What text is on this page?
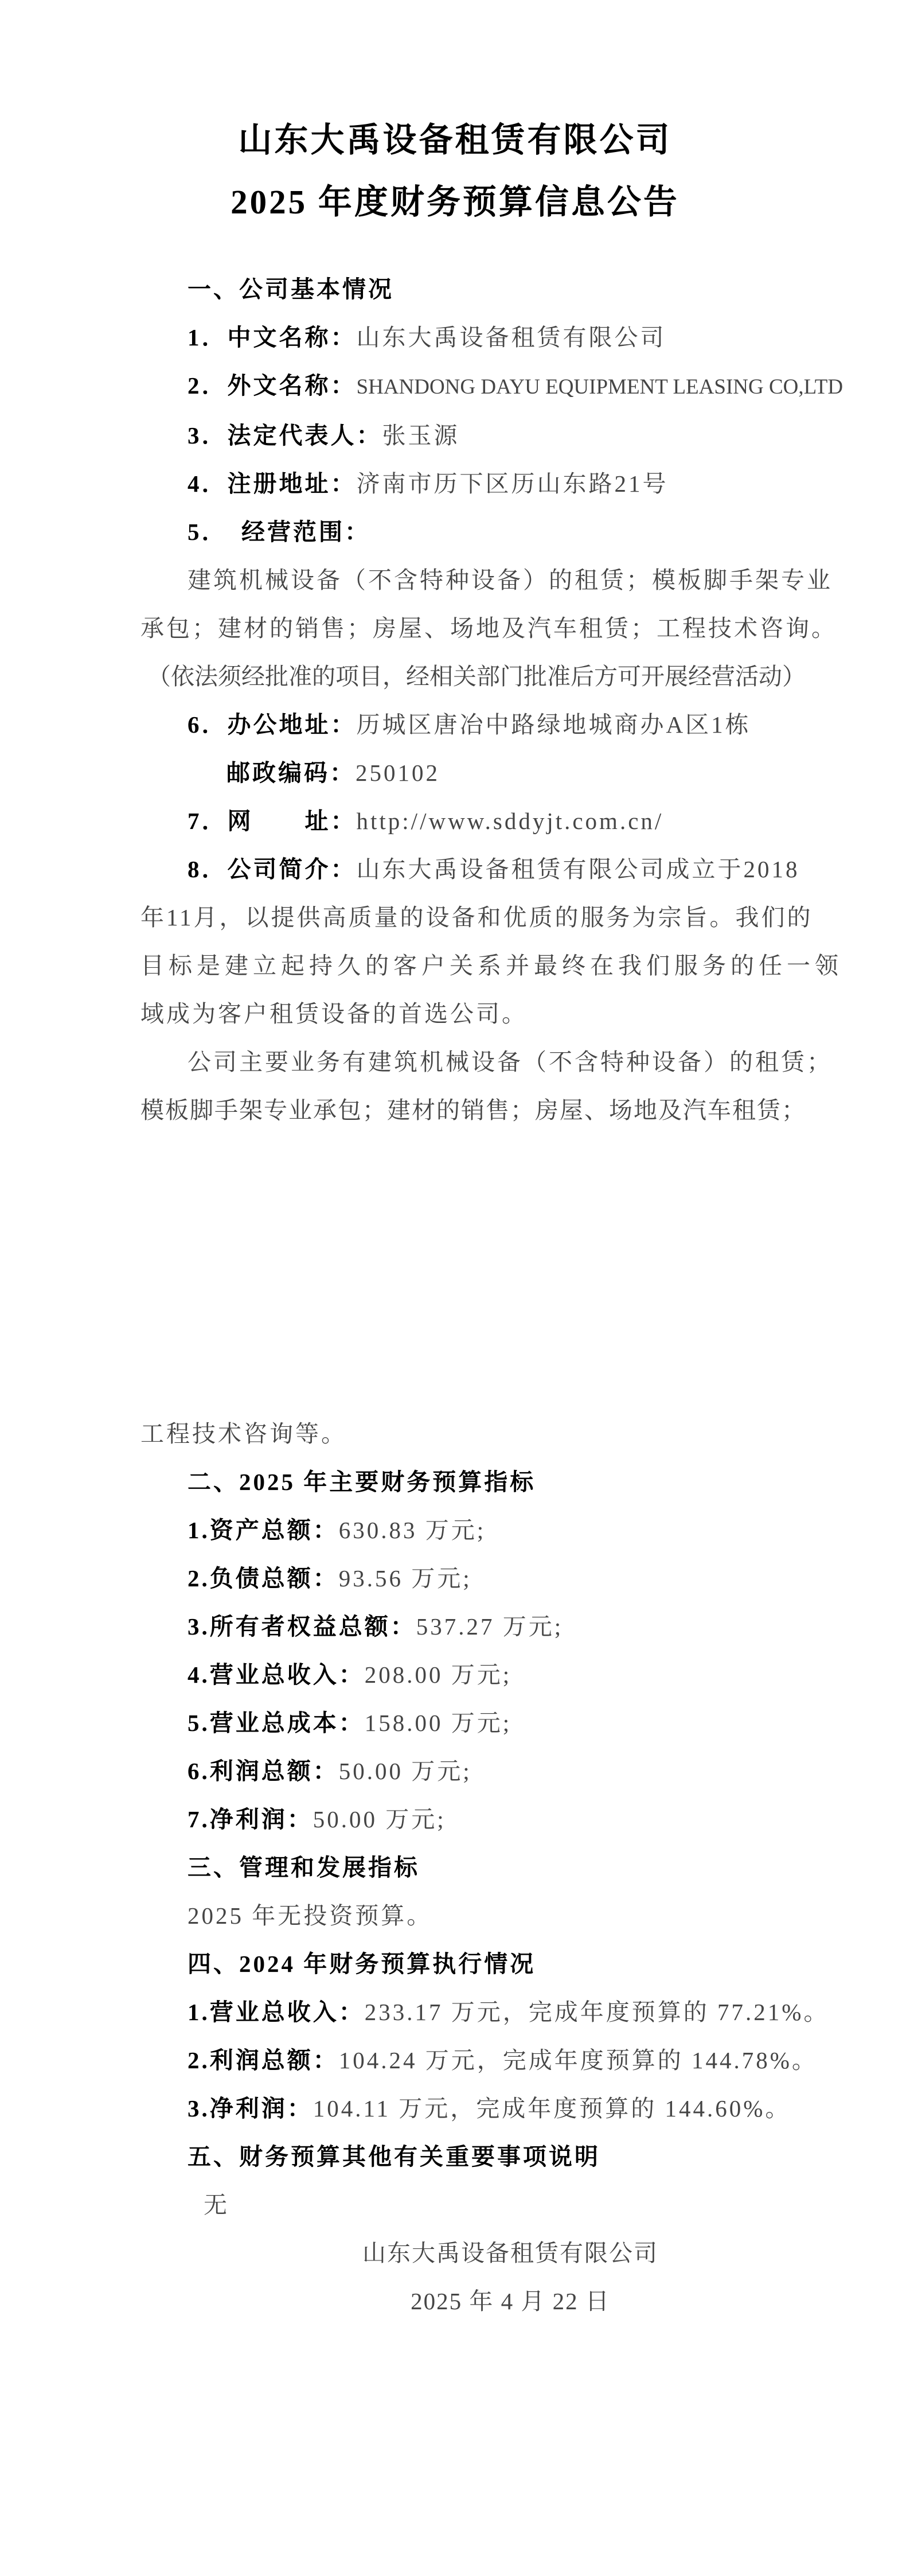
山东大禹设备租赁有限公司
2025 年度财务预算信息公告
一、公司基本情况
1．中文名称：山东大禹设备租赁有限公司
2．外文名称：SHANDONG DAYU EQUIPMENT LEASING CO,LTD
3．法定代表人：张玉源
4．注册地址：济南市历下区历山东路21号
5．　经营范围：
建筑机械设备（不含特种设备）的租赁；模板脚手架专业
承包；建材的销售；房屋、场地及汽车租赁；工程技术咨询。
（依法须经批准的项目，经相关部门批准后方可开展经营活动）
6．办公地址：历城区唐冶中路绿地城商办A区1栋
邮政编码：250102
7．网　　址：http://www.sddyjt.com.cn/
8．公司简介：山东大禹设备租赁有限公司成立于2018
年11月，以提供高质量的设备和优质的服务为宗旨。我们的
目标是建立起持久的客户关系并最终在我们服务的任一领
域成为客户租赁设备的首选公司。
公司主要业务有建筑机械设备（不含特种设备）的租赁；
模板脚手架专业承包；建材的销售；房屋、场地及汽车租赁；
工程技术咨询等。
二、2025 年主要财务预算指标
1.资产总额：630.83 万元;
2.负债总额：93.56 万元;
3.所有者权益总额：537.27 万元;
4.营业总收入：208.00 万元;
5.营业总成本：158.00 万元;
6.利润总额：50.00 万元;
7.净利润：50.00 万元;
三、管理和发展指标
2025 年无投资预算。
四、2024 年财务预算执行情况
1.营业总收入：233.17 万元，完成年度预算的 77.21%。
2.利润总额：104.24 万元，完成年度预算的 144.78%。
3.净利润：104.11 万元，完成年度预算的 144.60%。
五、财务预算其他有关重要事项说明
无
山东大禹设备租赁有限公司
2025 年 4 月 22 日
